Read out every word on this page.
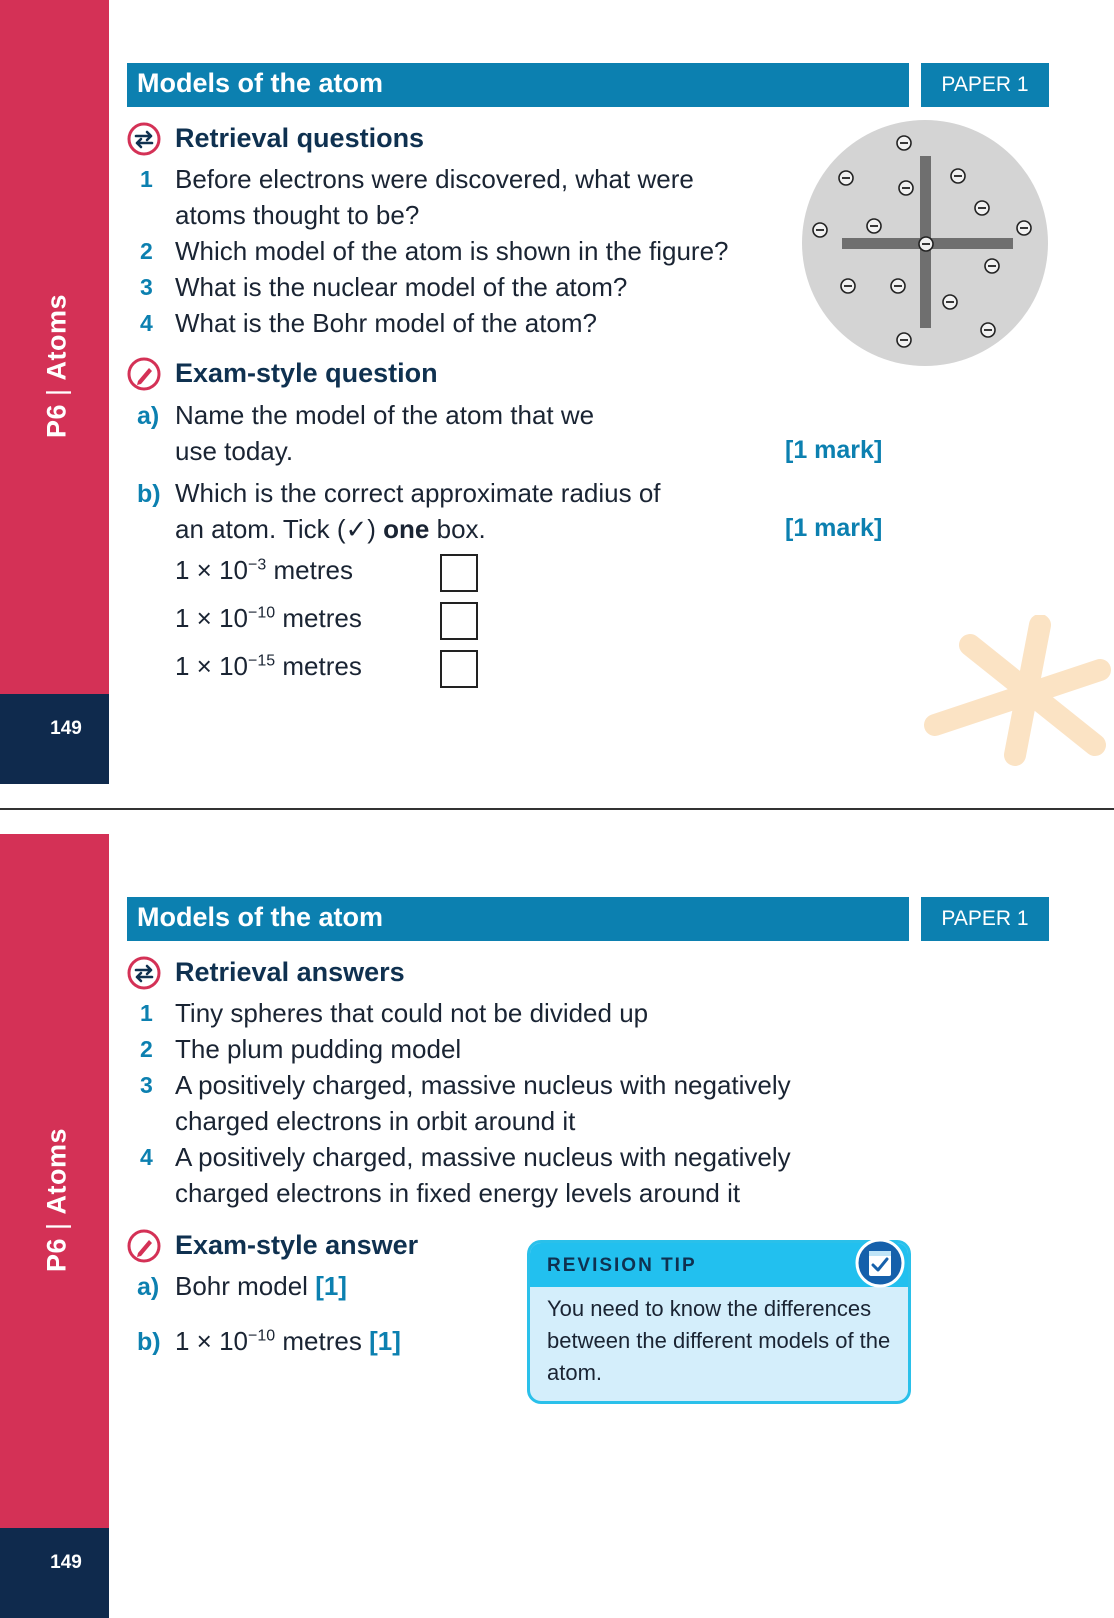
P6|Atoms
149
Models of the atom	PAPER 1
Retrieval questions
1 Before electrons were discovered, what were
atoms thought to be?
2 Which model of the atom is shown in the figure?
3 What is the nuclear model of the atom?
4 What is the Bohr model of the atom?
Exam-style question
a) Name the model of the atom that we
use today.	[1 mark]
b) Which is the correct approximate radius of
an atom. Tick (✓) one box.	[1 mark]
$1 \times 10^{-3}$ metres
$1 \times 10^{-10}$ metres
$1 \times 10^{-15}$ metres
P6|Atoms
149
Models of the atom	PAPER 1
Retrieval answers
1 Tiny spheres that could not be divided up
2 The plum pudding model
3 A positively charged, massive nucleus with negatively
charged electrons in orbit around it
4 A positively charged, massive nucleus with negatively
charged electrons in fixed energy levels around it
Exam-style answer
a) Bohr model [1]
b) $1 \times 10^{-10}$ metres [1]
REVISION TIP
You need to know the differences between the different models of the atom.
